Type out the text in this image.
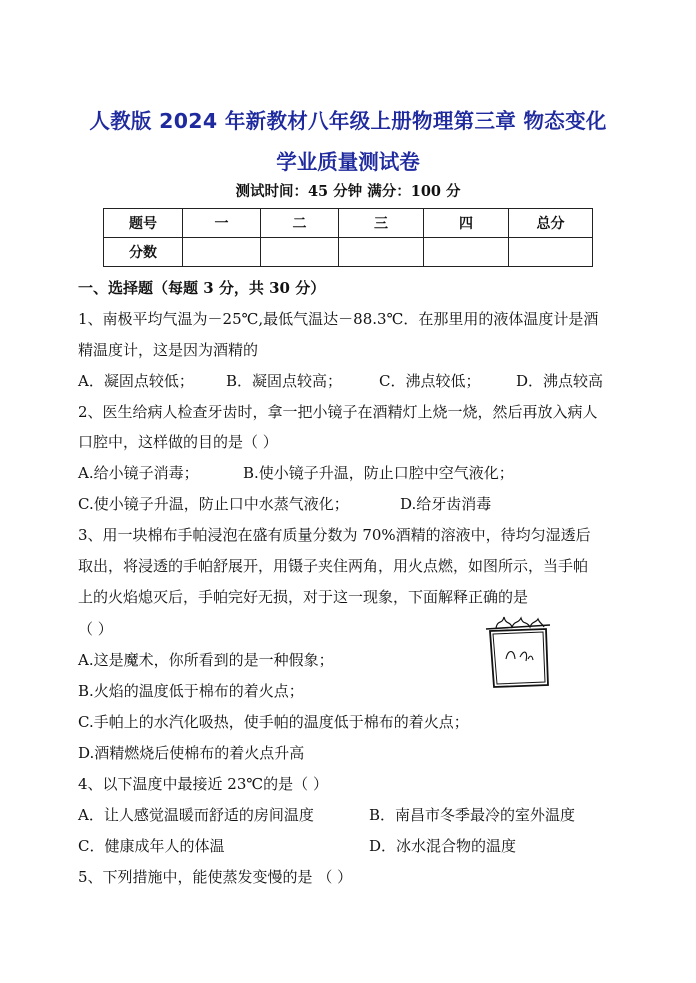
人教版 2024 年新教材八年级上册物理第三章 物态变化
学业质量测试卷
测试时间：45 分钟 满分：100 分
题号	一	二	三	四	总分
分数					
一、选择题（每题 3 分，共 30 分）
1、南极平均气温为－25℃,最低气温达－88.3℃．在那里用的液体温度计是酒
精温度计，这是因为酒精的
A．凝固点较低； B．凝固点较高； C．沸点较低； D．沸点较高
2、医生给病人检查牙齿时，拿一把小镜子在酒精灯上烧一烧，然后再放入病人
口腔中，这样做的目的是（ ）
A.给小镜子消毒；	B.使小镜子升温，防止口腔中空气液化；
C.使小镜子升温，防止口中水蒸气液化；	D.给牙齿消毒
3、用一块棉布手帕浸泡在盛有质量分数为 70%酒精的溶液中，待均匀湿透后
取出，将浸透的手帕舒展开，用镊子夹住两角，用火点燃，如图所示，当手帕
上的火焰熄灭后，手帕完好无损，对于这一现象，下面解释正确的是
（ ）
A.这是魔术，你所看到的是一种假象；
B.火焰的温度低于棉布的着火点；
C.手帕上的水汽化吸热，使手帕的温度低于棉布的着火点；
D.酒精燃烧后使棉布的着火点升高
4、以下温度中最接近 23℃的是（ ）
A．让人感觉温暖而舒适的房间温度	B．南昌市冬季最冷的室外温度
C．健康成年人的体温	D．冰水混合物的温度
5、下列措施中，能使蒸发变慢的是 （ ）
